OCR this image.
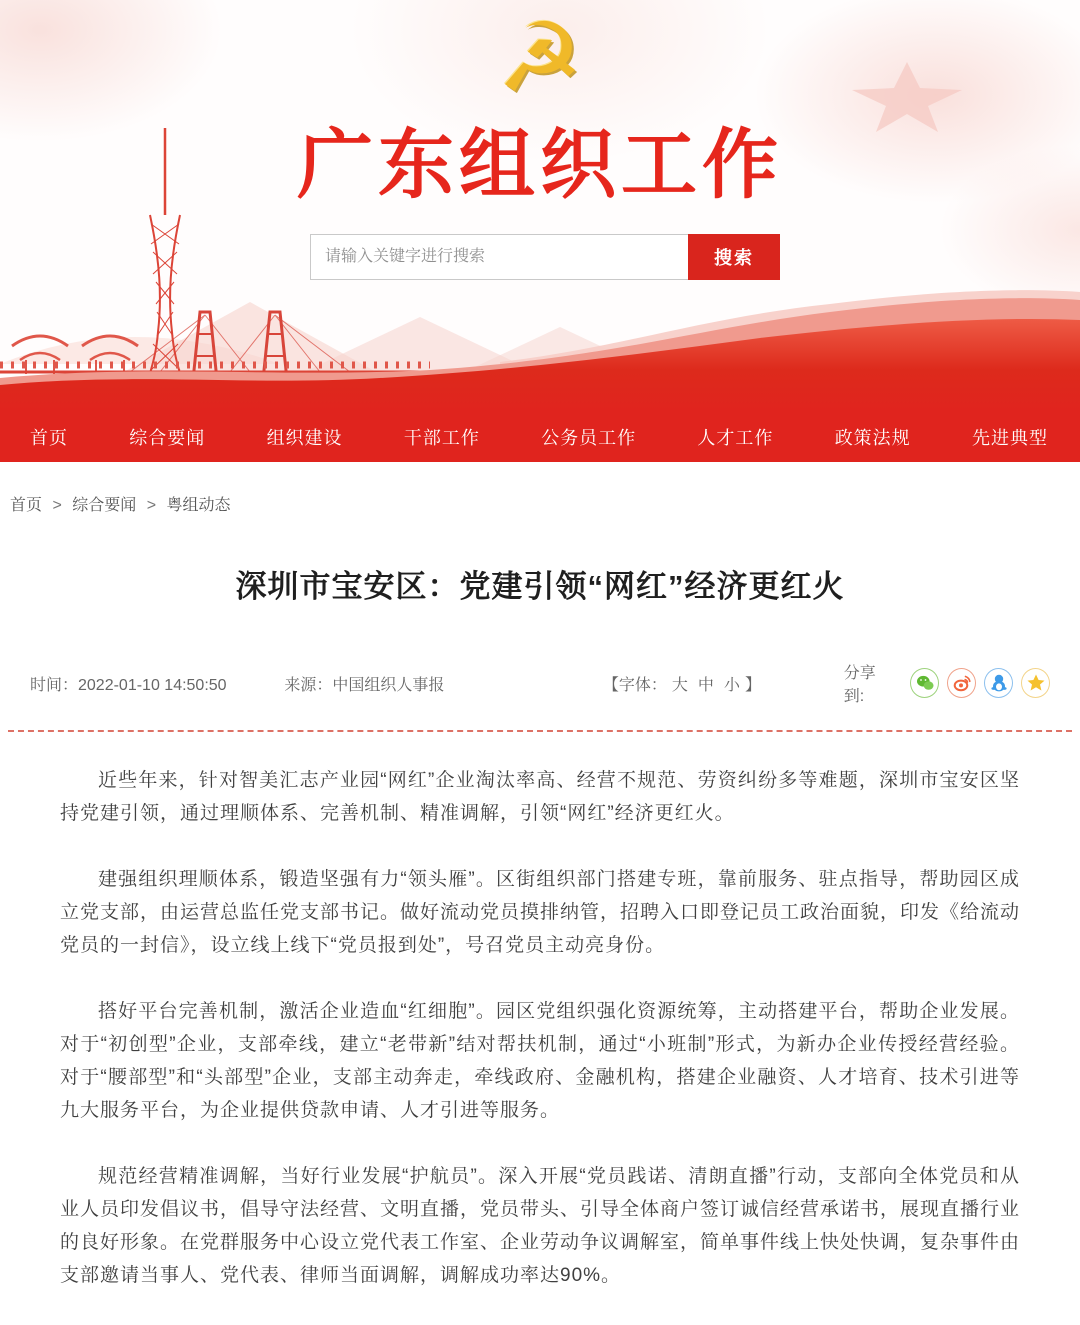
☭
广东组织工作
请输入关键字进行搜索
搜索
首页	综合要闻	组织建设	干部工作	公务员工作	人才工作	政策法规	先进典型
首页 > 综合要闻 > 粤组动态
深圳市宝安区：党建引领“网红”经济更红火
时间：2022-01-10 14:50:50	来源：中国组织人事报	【字体： 大 中 小 】
分享到:

近些年来，针对智美汇志产业园“网红”企业淘汰率高、经营不规范、劳资纠纷多等难题，深圳市宝安区坚持党建引领，通过理顺体系、完善机制、精准调解，引领“网红”经济更红火。

建强组织理顺体系，锻造坚强有力“领头雁”。区街组织部门搭建专班，靠前服务、驻点指导，帮助园区成立党支部，由运营总监任党支部书记。做好流动党员摸排纳管，招聘入口即登记员工政治面貌，印发《给流动党员的一封信》，设立线上线下“党员报到处”，号召党员主动亮身份。

搭好平台完善机制，激活企业造血“红细胞”。园区党组织强化资源统筹，主动搭建平台，帮助企业发展。对于“初创型”企业，支部牵线，建立“老带新”结对帮扶机制，通过“小班制”形式，为新办企业传授经营经验。对于“腰部型”和“头部型”企业，支部主动奔走，牵线政府、金融机构，搭建企业融资、人才培育、技术引进等九大服务平台，为企业提供贷款申请、人才引进等服务。

规范经营精准调解，当好行业发展“护航员”。深入开展“党员践诺、清朗直播”行动，支部向全体党员和从业人员印发倡议书，倡导守法经营、文明直播，党员带头、引导全体商户签订诚信经营承诺书，展现直播行业的良好形象。在党群服务中心设立党代表工作室、企业劳动争议调解室，简单事件线上快处快调，复杂事件由支部邀请当事人、党代表、律师当面调解，调解成功率达90%。
